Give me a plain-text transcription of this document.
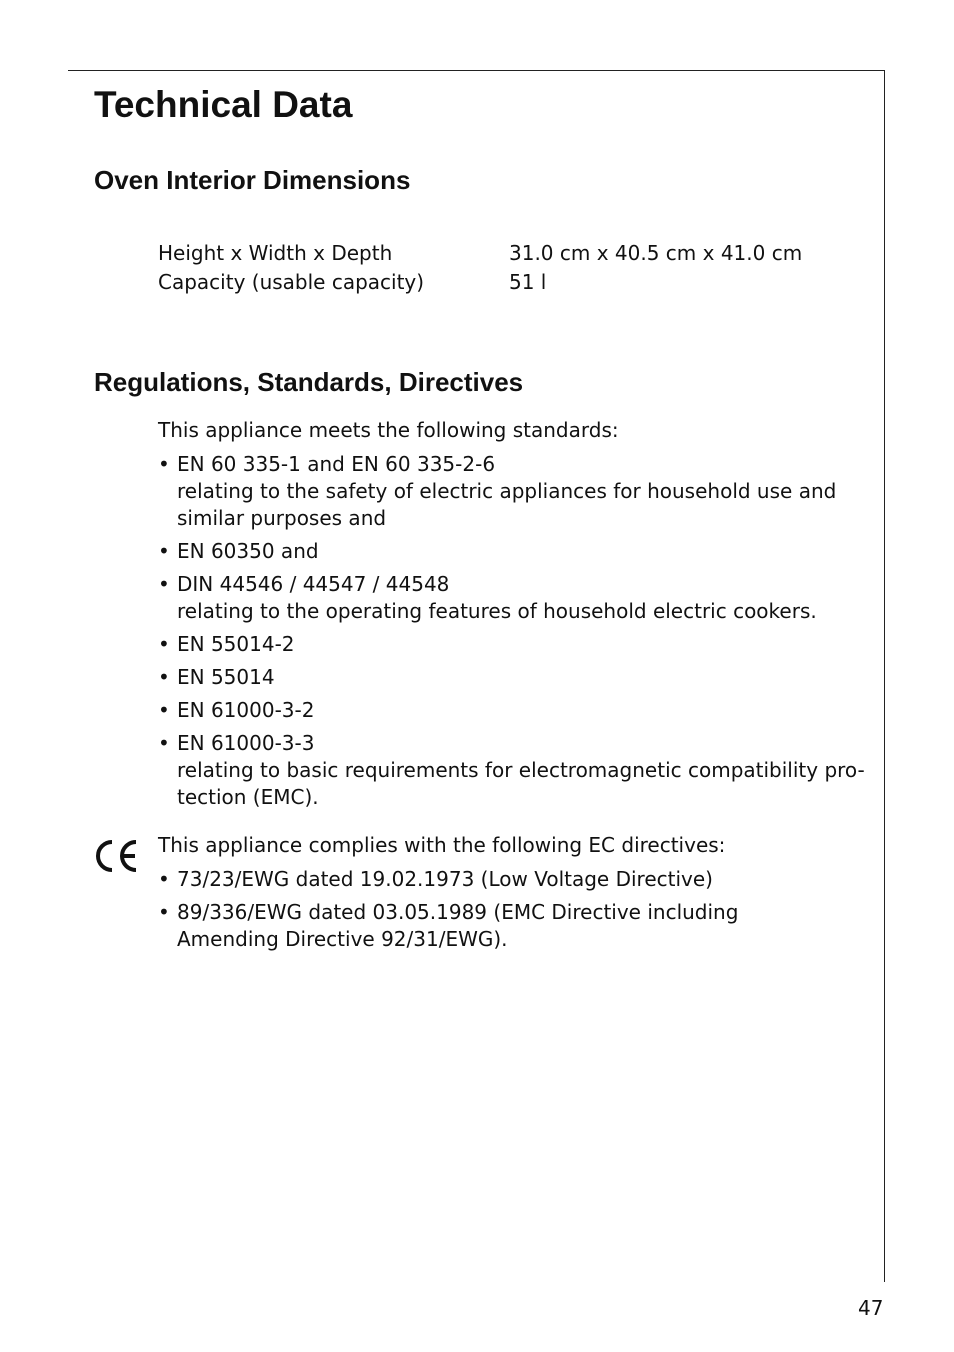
Technical Data
Oven Interior Dimensions
Height x Width x Depth	31.0 cm x 40.5 cm x 41.0 cm
Capacity (usable capacity)	51 l
Regulations, Standards, Directives
This appliance meets the following standards:
• EN 60 335-1 and EN 60 335-2-6
relating to the safety of electric appliances for household use and similar purposes and
• EN 60350 and
• DIN 44546 / 44547 / 44548
relating to the operating features of household electric cookers.
• EN 55014-2
• EN 55014
• EN 61000-3-2
• EN 61000-3-3
relating to basic requirements for electromagnetic compatibility pro-tection (EMC).
This appliance complies with the following EC directives:
• 73/23/EWG dated 19.02.1973 (Low Voltage Directive)
• 89/336/EWG dated 03.05.1989 (EMC Directive including
Amending Directive 92/31/EWG).
47
